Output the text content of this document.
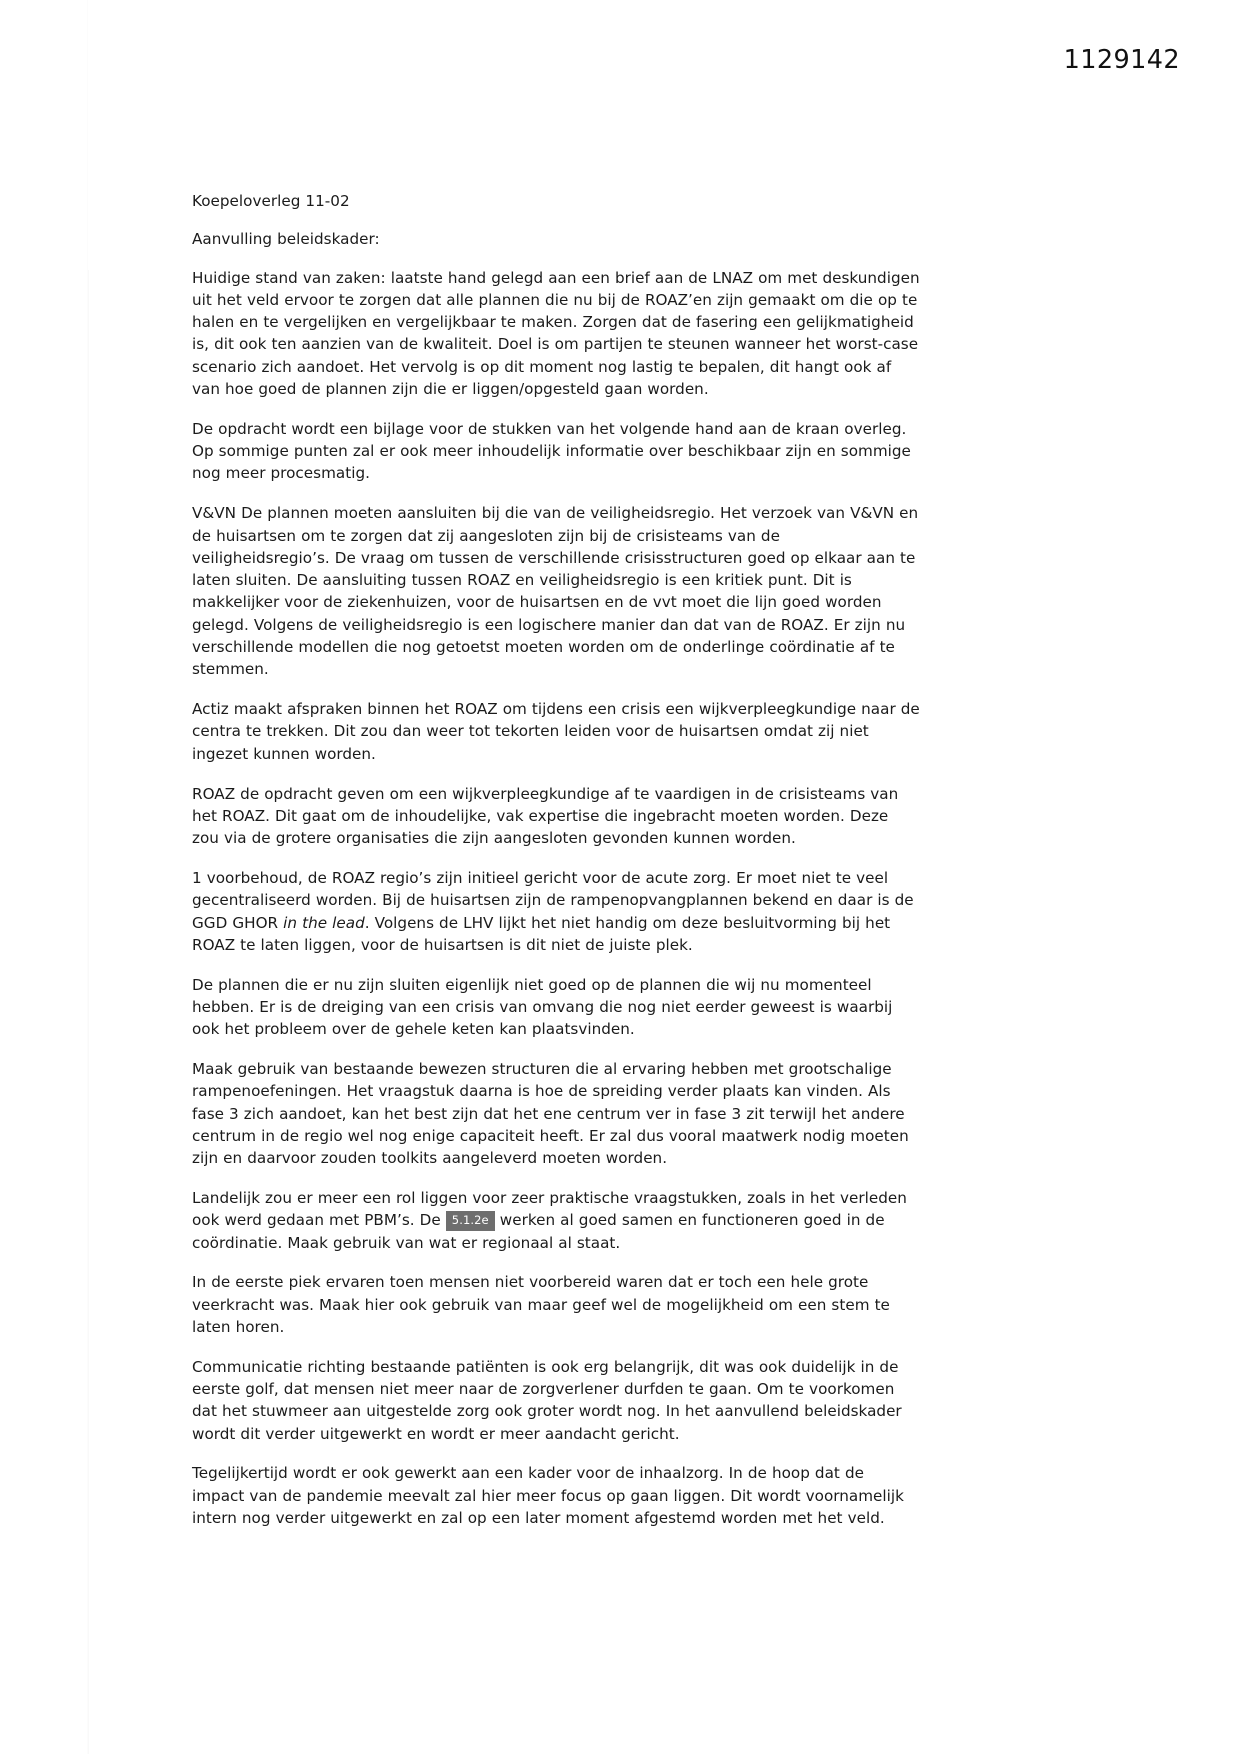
1129142

Koepeloverleg 11-02

Aanvulling beleidskader:

Huidige stand van zaken: laatste hand gelegd aan een brief aan de LNAZ om met deskundigen uit het veld ervoor te zorgen dat alle plannen die nu bij de ROAZ’en zijn gemaakt om die op te halen en te vergelijken en vergelijkbaar te maken. Zorgen dat de fasering een gelijkmatigheid is, dit ook ten aanzien van de kwaliteit. Doel is om partijen te steunen wanneer het worst-case scenario zich aandoet. Het vervolg is op dit moment nog lastig te bepalen, dit hangt ook af van hoe goed de plannen zijn die er liggen/opgesteld gaan worden.

De opdracht wordt een bijlage voor de stukken van het volgende hand aan de kraan overleg. Op sommige punten zal er ook meer inhoudelijk informatie over beschikbaar zijn en sommige nog meer procesmatig.

V&VN De plannen moeten aansluiten bij die van de veiligheidsregio. Het verzoek van V&VN en de huisartsen om te zorgen dat zij aangesloten zijn bij de crisisteams van de veiligheidsregio’s. De vraag om tussen de verschillende crisisstructuren goed op elkaar aan te laten sluiten. De aansluiting tussen ROAZ en veiligheidsregio is een kritiek punt. Dit is makkelijker voor de ziekenhuizen, voor de huisartsen en de vvt moet die lijn goed worden gelegd. Volgens de veiligheidsregio is een logischere manier dan dat van de ROAZ. Er zijn nu verschillende modellen die nog getoetst moeten worden om de onderlinge coördinatie af te stemmen.

Actiz maakt afspraken binnen het ROAZ om tijdens een crisis een wijkverpleegkundige naar de centra te trekken. Dit zou dan weer tot tekorten leiden voor de huisartsen omdat zij niet ingezet kunnen worden.

ROAZ de opdracht geven om een wijkverpleegkundige af te vaardigen in de crisisteams van het ROAZ. Dit gaat om de inhoudelijke, vak expertise die ingebracht moeten worden. Deze zou via de grotere organisaties die zijn aangesloten gevonden kunnen worden.

1 voorbehoud, de ROAZ regio’s zijn initieel gericht voor de acute zorg. Er moet niet te veel gecentraliseerd worden. Bij de huisartsen zijn de rampenopvangplannen bekend en daar is de GGD GHOR in the lead. Volgens de LHV lijkt het niet handig om deze besluitvorming bij het ROAZ te laten liggen, voor de huisartsen is dit niet de juiste plek.

De plannen die er nu zijn sluiten eigenlijk niet goed op de plannen die wij nu momenteel hebben. Er is de dreiging van een crisis van omvang die nog niet eerder geweest is waarbij ook het probleem over de gehele keten kan plaatsvinden.

Maak gebruik van bestaande bewezen structuren die al ervaring hebben met grootschalige rampenoefeningen. Het vraagstuk daarna is hoe de spreiding verder plaats kan vinden. Als fase 3 zich aandoet, kan het best zijn dat het ene centrum ver in fase 3 zit terwijl het andere centrum in de regio wel nog enige capaciteit heeft. Er zal dus vooral maatwerk nodig moeten zijn en daarvoor zouden toolkits aangeleverd moeten worden.

Landelijk zou er meer een rol liggen voor zeer praktische vraagstukken, zoals in het verleden ook werd gedaan met PBM’s. De 5.1.2e werken al goed samen en functioneren goed in de coördinatie. Maak gebruik van wat er regionaal al staat.

In de eerste piek ervaren toen mensen niet voorbereid waren dat er toch een hele grote veerkracht was. Maak hier ook gebruik van maar geef wel de mogelijkheid om een stem te laten horen.

Communicatie richting bestaande patiënten is ook erg belangrijk, dit was ook duidelijk in de eerste golf, dat mensen niet meer naar de zorgverlener durfden te gaan. Om te voorkomen dat het stuwmeer aan uitgestelde zorg ook groter wordt nog. In het aanvullend beleidskader wordt dit verder uitgewerkt en wordt er meer aandacht gericht.

Tegelijkertijd wordt er ook gewerkt aan een kader voor de inhaalzorg. In de hoop dat de impact van de pandemie meevalt zal hier meer focus op gaan liggen. Dit wordt voornamelijk intern nog verder uitgewerkt en zal op een later moment afgestemd worden met het veld.
